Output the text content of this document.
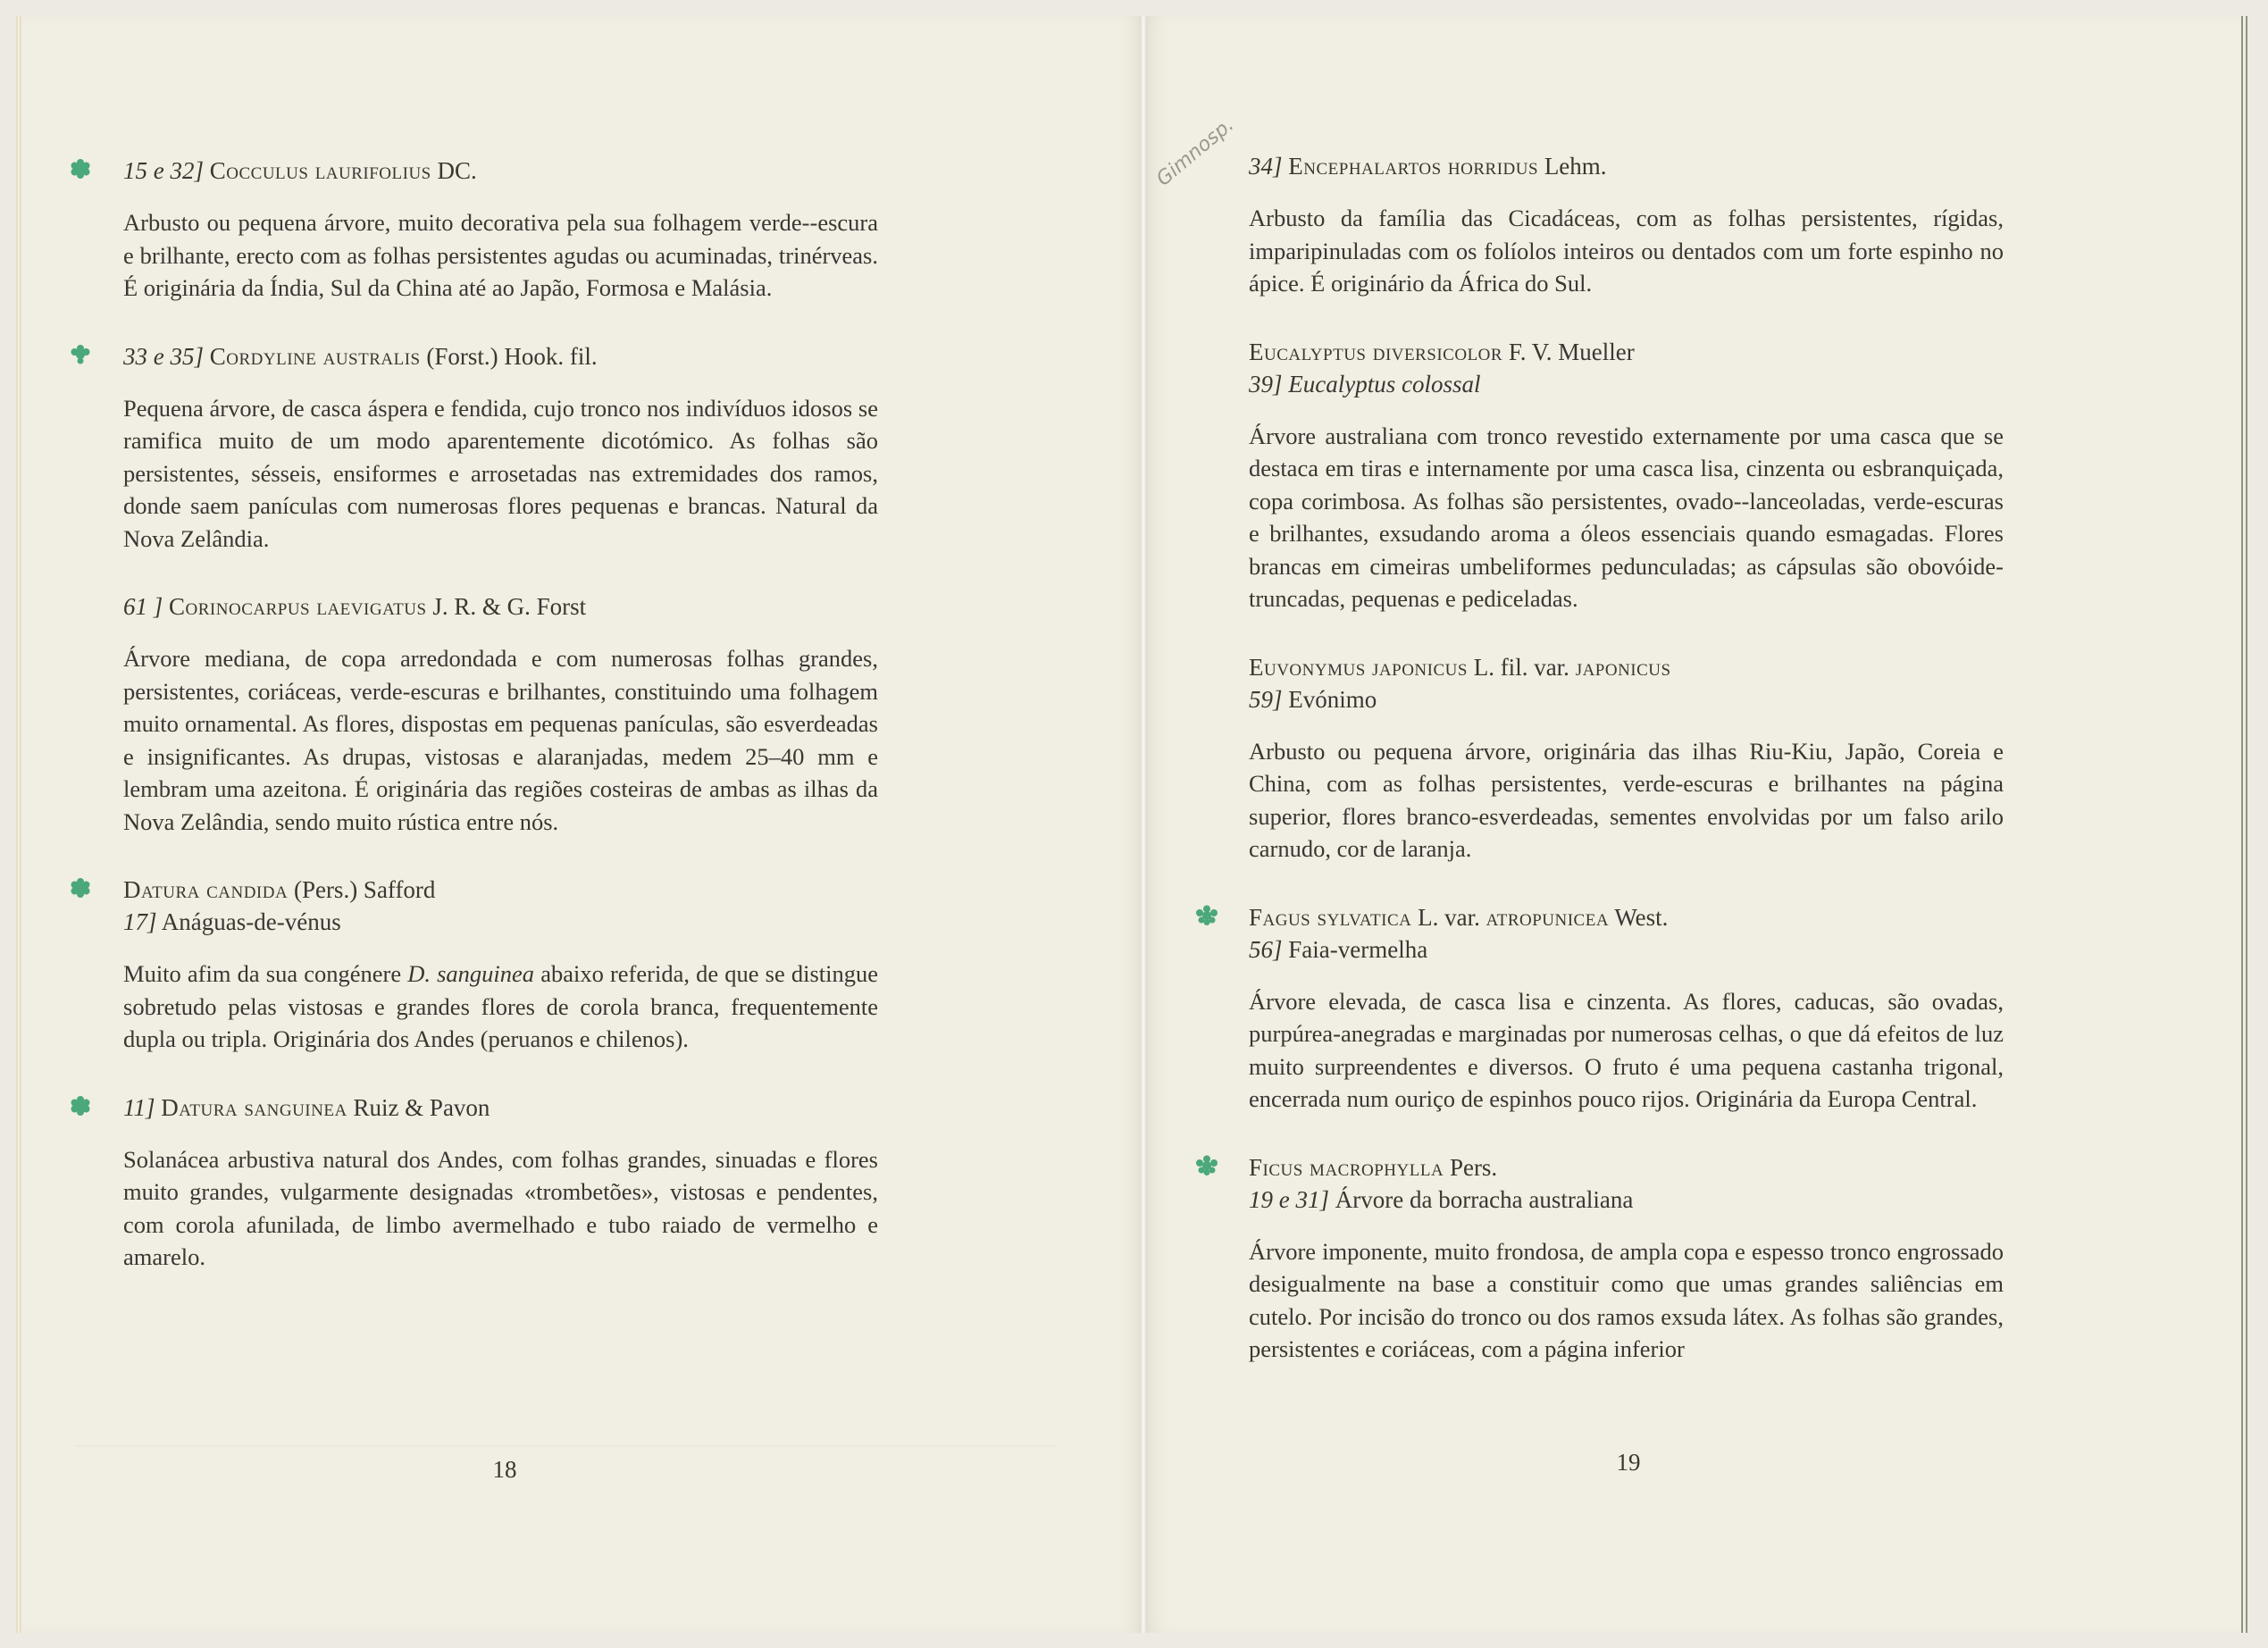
15 e 32] Cocculus laurifolius DC.

Arbusto ou pequena árvore, muito decorativa pela sua folhagem verde--escura e brilhante, erecto com as folhas persistentes agudas ou acuminadas, trinérveas. É originária da Índia, Sul da China até ao Japão, Formosa e Malásia.

33 e 35] Cordyline australis (Forst.) Hook. fil.

Pequena árvore, de casca áspera e fendida, cujo tronco nos indivíduos idosos se ramifica muito de um modo aparentemente dicotómico. As folhas são persistentes, sésseis, ensiformes e arrosetadas nas extremidades dos ramos, donde saem panículas com numerosas flores pequenas e brancas. Natural da Nova Zelândia.

61 ] Corinocarpus laevigatus J. R. & G. Forst

Árvore mediana, de copa arredondada e com numerosas folhas grandes, persistentes, coriáceas, verde-escuras e brilhantes, constituindo uma folhagem muito ornamental. As flores, dispostas em pequenas panículas, são esverdeadas e insignificantes. As drupas, vistosas e alaranjadas, medem 25–40 mm e lembram uma azeitona. É originária das regiões costeiras de ambas as ilhas da Nova Zelândia, sendo muito rústica entre nós.

Datura candida (Pers.) Safford

17] Anáguas-de-vénus

Muito afim da sua congénere D. sanguinea abaixo referida, de que se distingue sobretudo pelas vistosas e grandes flores de corola branca, frequentemente dupla ou tripla. Originária dos Andes (peruanos e chilenos).

11] Datura sanguinea Ruiz & Pavon

Solanácea arbustiva natural dos Andes, com folhas grandes, sinuadas e flores muito grandes, vulgarmente designadas «trombetões», vistosas e pendentes, com corola afunilada, de limbo avermelhado e tubo raiado de vermelho e amarelo.

18
Gimnosp. 34] Encephalartos horridus Lehm.

Arbusto da família das Cicadáceas, com as folhas persistentes, rígidas, imparipinuladas com os folíolos inteiros ou dentados com um forte espinho no ápice. É originário da África do Sul.

Eucalyptus diversicolor F. V. Mueller

39] Eucalyptus colossal

Árvore australiana com tronco revestido externamente por uma casca que se destaca em tiras e internamente por uma casca lisa, cinzenta ou esbranquiçada, copa corimbosa. As folhas são persistentes, ovado--lanceoladas, verde-escuras e brilhantes, exsudando aroma a óleos essenciais quando esmagadas. Flores brancas em cimeiras umbeliformes pedunculadas; as cápsulas são obovóide-truncadas, pequenas e pediceladas.

Euvonymus japonicus L. fil. var. japonicus

59] Evónimo

Arbusto ou pequena árvore, originária das ilhas Riu-Kiu, Japão, Coreia e China, com as folhas persistentes, verde-escuras e brilhantes na página superior, flores branco-esverdeadas, sementes envolvidas por um falso arilo carnudo, cor de laranja.

Fagus sylvatica L. var. atropunicea West.

56] Faia-vermelha

Árvore elevada, de casca lisa e cinzenta. As flores, caducas, são ovadas, purpúrea-anegradas e marginadas por numerosas celhas, o que dá efeitos de luz muito surpreendentes e diversos. O fruto é uma pequena castanha trigonal, encerrada num ouriço de espinhos pouco rijos. Originária da Europa Central.

Ficus macrophylla Pers.

19 e 31] Árvore da borracha australiana

Árvore imponente, muito frondosa, de ampla copa e espesso tronco engrossado desigualmente na base a constituir como que umas grandes saliências em cutelo. Por incisão do tronco ou dos ramos exsuda látex. As folhas são grandes, persistentes e coriáceas, com a página inferior

19
